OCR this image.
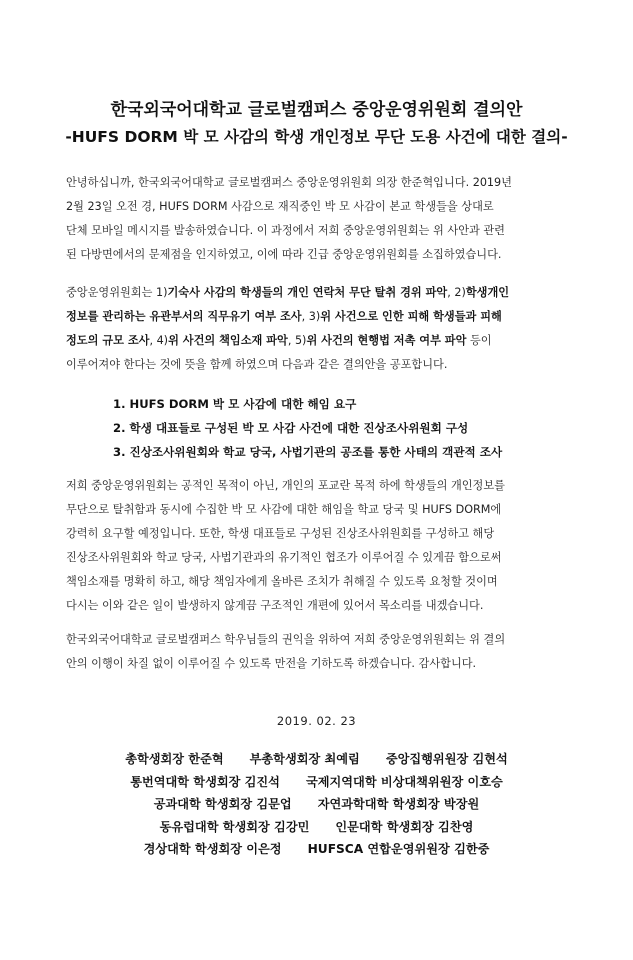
한국외국어대학교 글로벌캠퍼스 중앙운영위원회 결의안
-HUFS DORM 박 모 사감의 학생 개인정보 무단 도용 사건에 대한 결의-
안녕하십니까, 한국외국어대학교 글로벌캠퍼스 중앙운영위원회 의장 한준혁입니다. 2019년
2월 23일 오전 경, HUFS DORM 사감으로 재직중인 박 모 사감이 본교 학생들을 상대로
단체 모바일 메시지를 발송하였습니다. 이 과정에서 저희 중앙운영위원회는 위 사안과 관련
된 다방면에서의 문제점을 인지하였고, 이에 따라 긴급 중앙운영위원회를 소집하였습니다.
중앙운영위원회는 1)기숙사 사감의 학생들의 개인 연락처 무단 탈취 경위 파악, 2)학생개인
정보를 관리하는 유관부서의 직무유기 여부 조사, 3)위 사건으로 인한 피해 학생들과 피해
정도의 규모 조사, 4)위 사건의 책임소재 파악, 5)위 사건의 현행법 저촉 여부 파악 등이
이루어져야 한다는 것에 뜻을 함께 하였으며 다음과 같은 결의안을 공포합니다.
1. HUFS DORM 박 모 사감에 대한 해임 요구
2. 학생 대표들로 구성된 박 모 사감 사건에 대한 진상조사위원회 구성
3. 진상조사위원회와 학교 당국, 사법기관의 공조를 통한 사태의 객관적 조사
저희 중앙운영위원회는 공적인 목적이 아닌, 개인의 포교란 목적 하에 학생들의 개인정보를
무단으로 탈취함과 동시에 수집한 박 모 사감에 대한 해임을 학교 당국 및 HUFS DORM에
강력히 요구할 예정입니다. 또한, 학생 대표들로 구성된 진상조사위원회를 구성하고 해당
진상조사위원회와 학교 당국, 사법기관과의 유기적인 협조가 이루어질 수 있게끔 함으로써
책임소재를 명확히 하고, 해당 책임자에게 올바른 조치가 취해질 수 있도록 요청할 것이며
다시는 이와 같은 일이 발생하지 않게끔 구조적인 개편에 있어서 목소리를 내겠습니다.
한국외국어대학교 글로벌캠퍼스 학우님들의 권익을 위하여 저희 중앙운영위원회는 위 결의
안의 이행이 차질 없이 이루어질 수 있도록 만전을 기하도록 하겠습니다. 감사합니다.
2019. 02. 23
총학생회장 한준혁 부총학생회장 최예림 중앙집행위원장 김현석
통번역대학 학생회장 김진석 국제지역대학 비상대책위원장 이호승
공과대학 학생회장 김문업 자연과학대학 학생회장 박장원
동유럽대학 학생회장 김강민 인문대학 학생회장 김찬영
경상대학 학생회장 이은정 HUFSCA 연합운영위원장 김한중
